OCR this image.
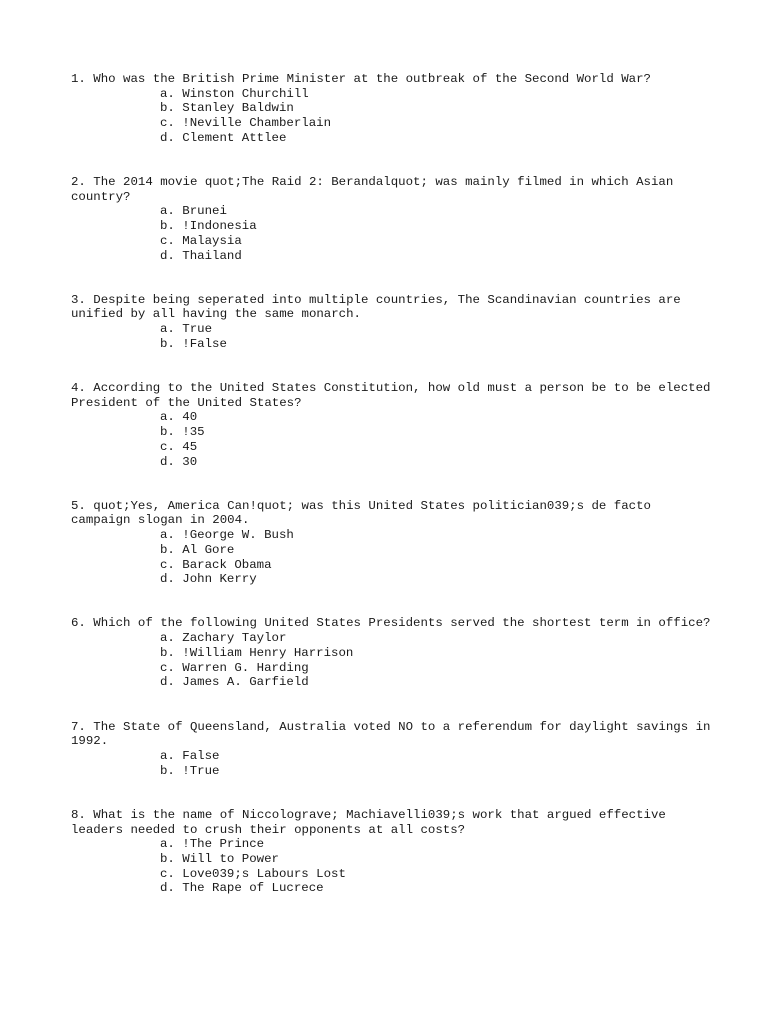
1. Who was the British Prime Minister at the outbreak of the Second World War?
a. Winston Churchill
b. Stanley Baldwin
c. !Neville Chamberlain
d. Clement Attlee
2. The 2014 movie quot;The Raid 2: Berandalquot; was mainly filmed in which Asian country?
a. Brunei
b. !Indonesia
c. Malaysia
d. Thailand
3. Despite being seperated into multiple countries, The Scandinavian countries are unified by all having the same monarch.
a. True
b. !False
4. According to the United States Constitution, how old must a person be to be elected President of the United States?
a. 40
b. !35
c. 45
d. 30
5. quot;Yes, America Can!quot; was this United States politician039;s de facto campaign slogan in 2004.
a. !George W. Bush
b. Al Gore
c. Barack Obama
d. John Kerry
6. Which of the following United States Presidents served the shortest term in office?
a. Zachary Taylor
b. !William Henry Harrison
c. Warren G. Harding
d. James A. Garfield
7. The State of Queensland, Australia voted NO to a referendum for daylight savings in 1992.
a. False
b. !True
8. What is the name of Niccolograve; Machiavelli039;s work that argued effective leaders needed to crush their opponents at all costs?
a. !The Prince
b. Will to Power
c. Love039;s Labours Lost
d. The Rape of Lucrece
